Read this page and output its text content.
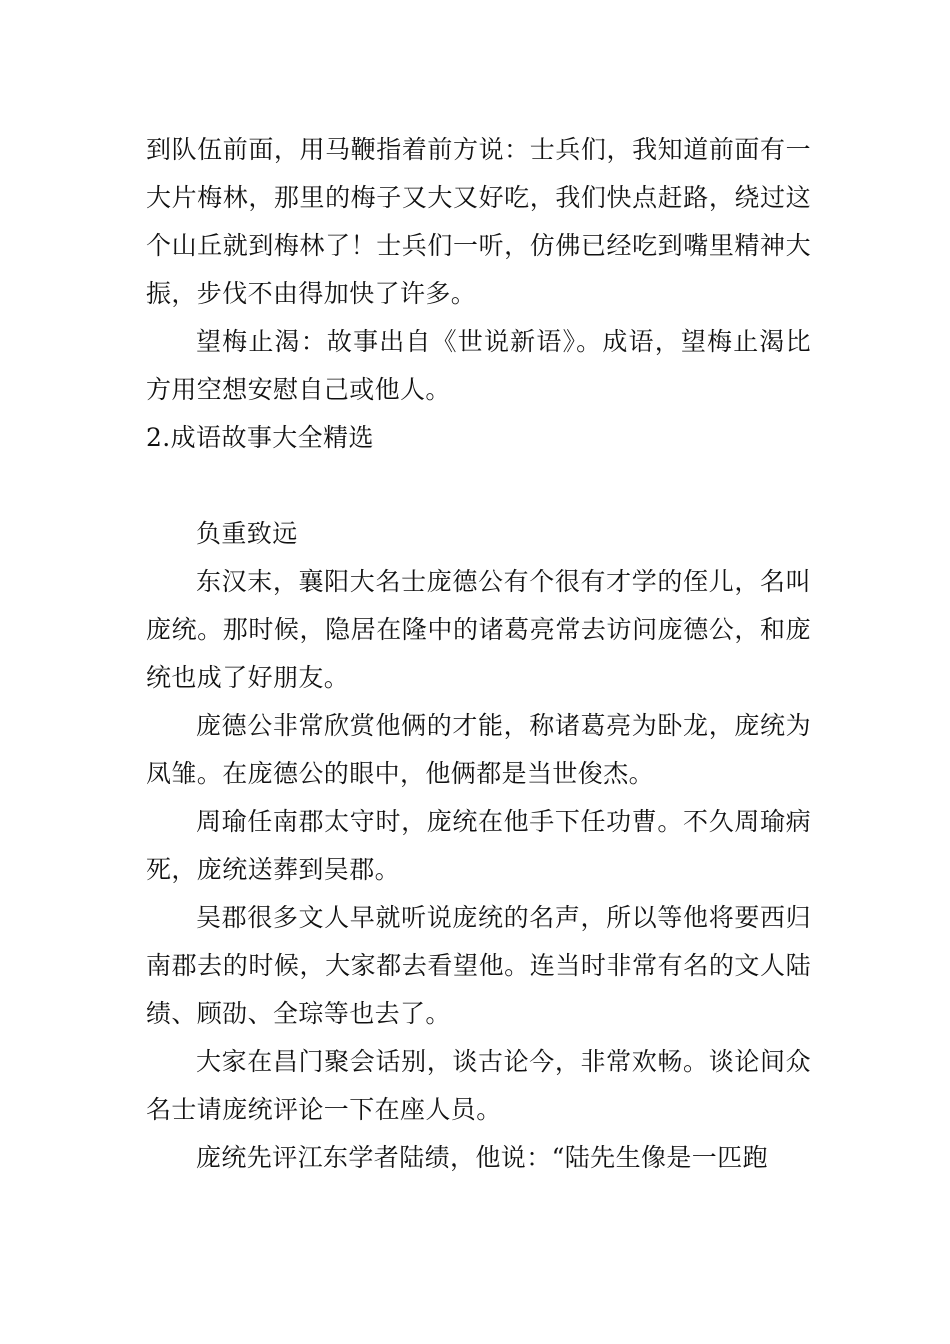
到队伍前面，用马鞭指着前方说：士兵们，我知道前面有一大片梅林，那里的梅子又大又好吃，我们快点赶路，绕过这个山丘就到梅林了！士兵们一听，仿佛已经吃到嘴里精神大振，步伐不由得加快了许多。

望梅止渴：故事出自《世说新语》。成语，望梅止渴比方用空想安慰自己或他人。

2.成语故事大全精选

负重致远

东汉末，襄阳大名士庞德公有个很有才学的侄儿，名叫庞统。那时候，隐居在隆中的诸葛亮常去访问庞德公，和庞统也成了好朋友。

庞德公非常欣赏他俩的才能，称诸葛亮为卧龙，庞统为凤雏。在庞德公的眼中，他俩都是当世俊杰。

周瑜任南郡太守时，庞统在他手下任功曹。不久周瑜病死，庞统送葬到吴郡。

吴郡很多文人早就听说庞统的名声，所以等他将要西归南郡去的时候，大家都去看望他。连当时非常有名的文人陆绩、顾劭、全琮等也去了。

大家在昌门聚会话别，谈古论今，非常欢畅。谈论间众名士请庞统评论一下在座人员。

庞统先评江东学者陆绩，他说：“陆先生像是一匹跑
